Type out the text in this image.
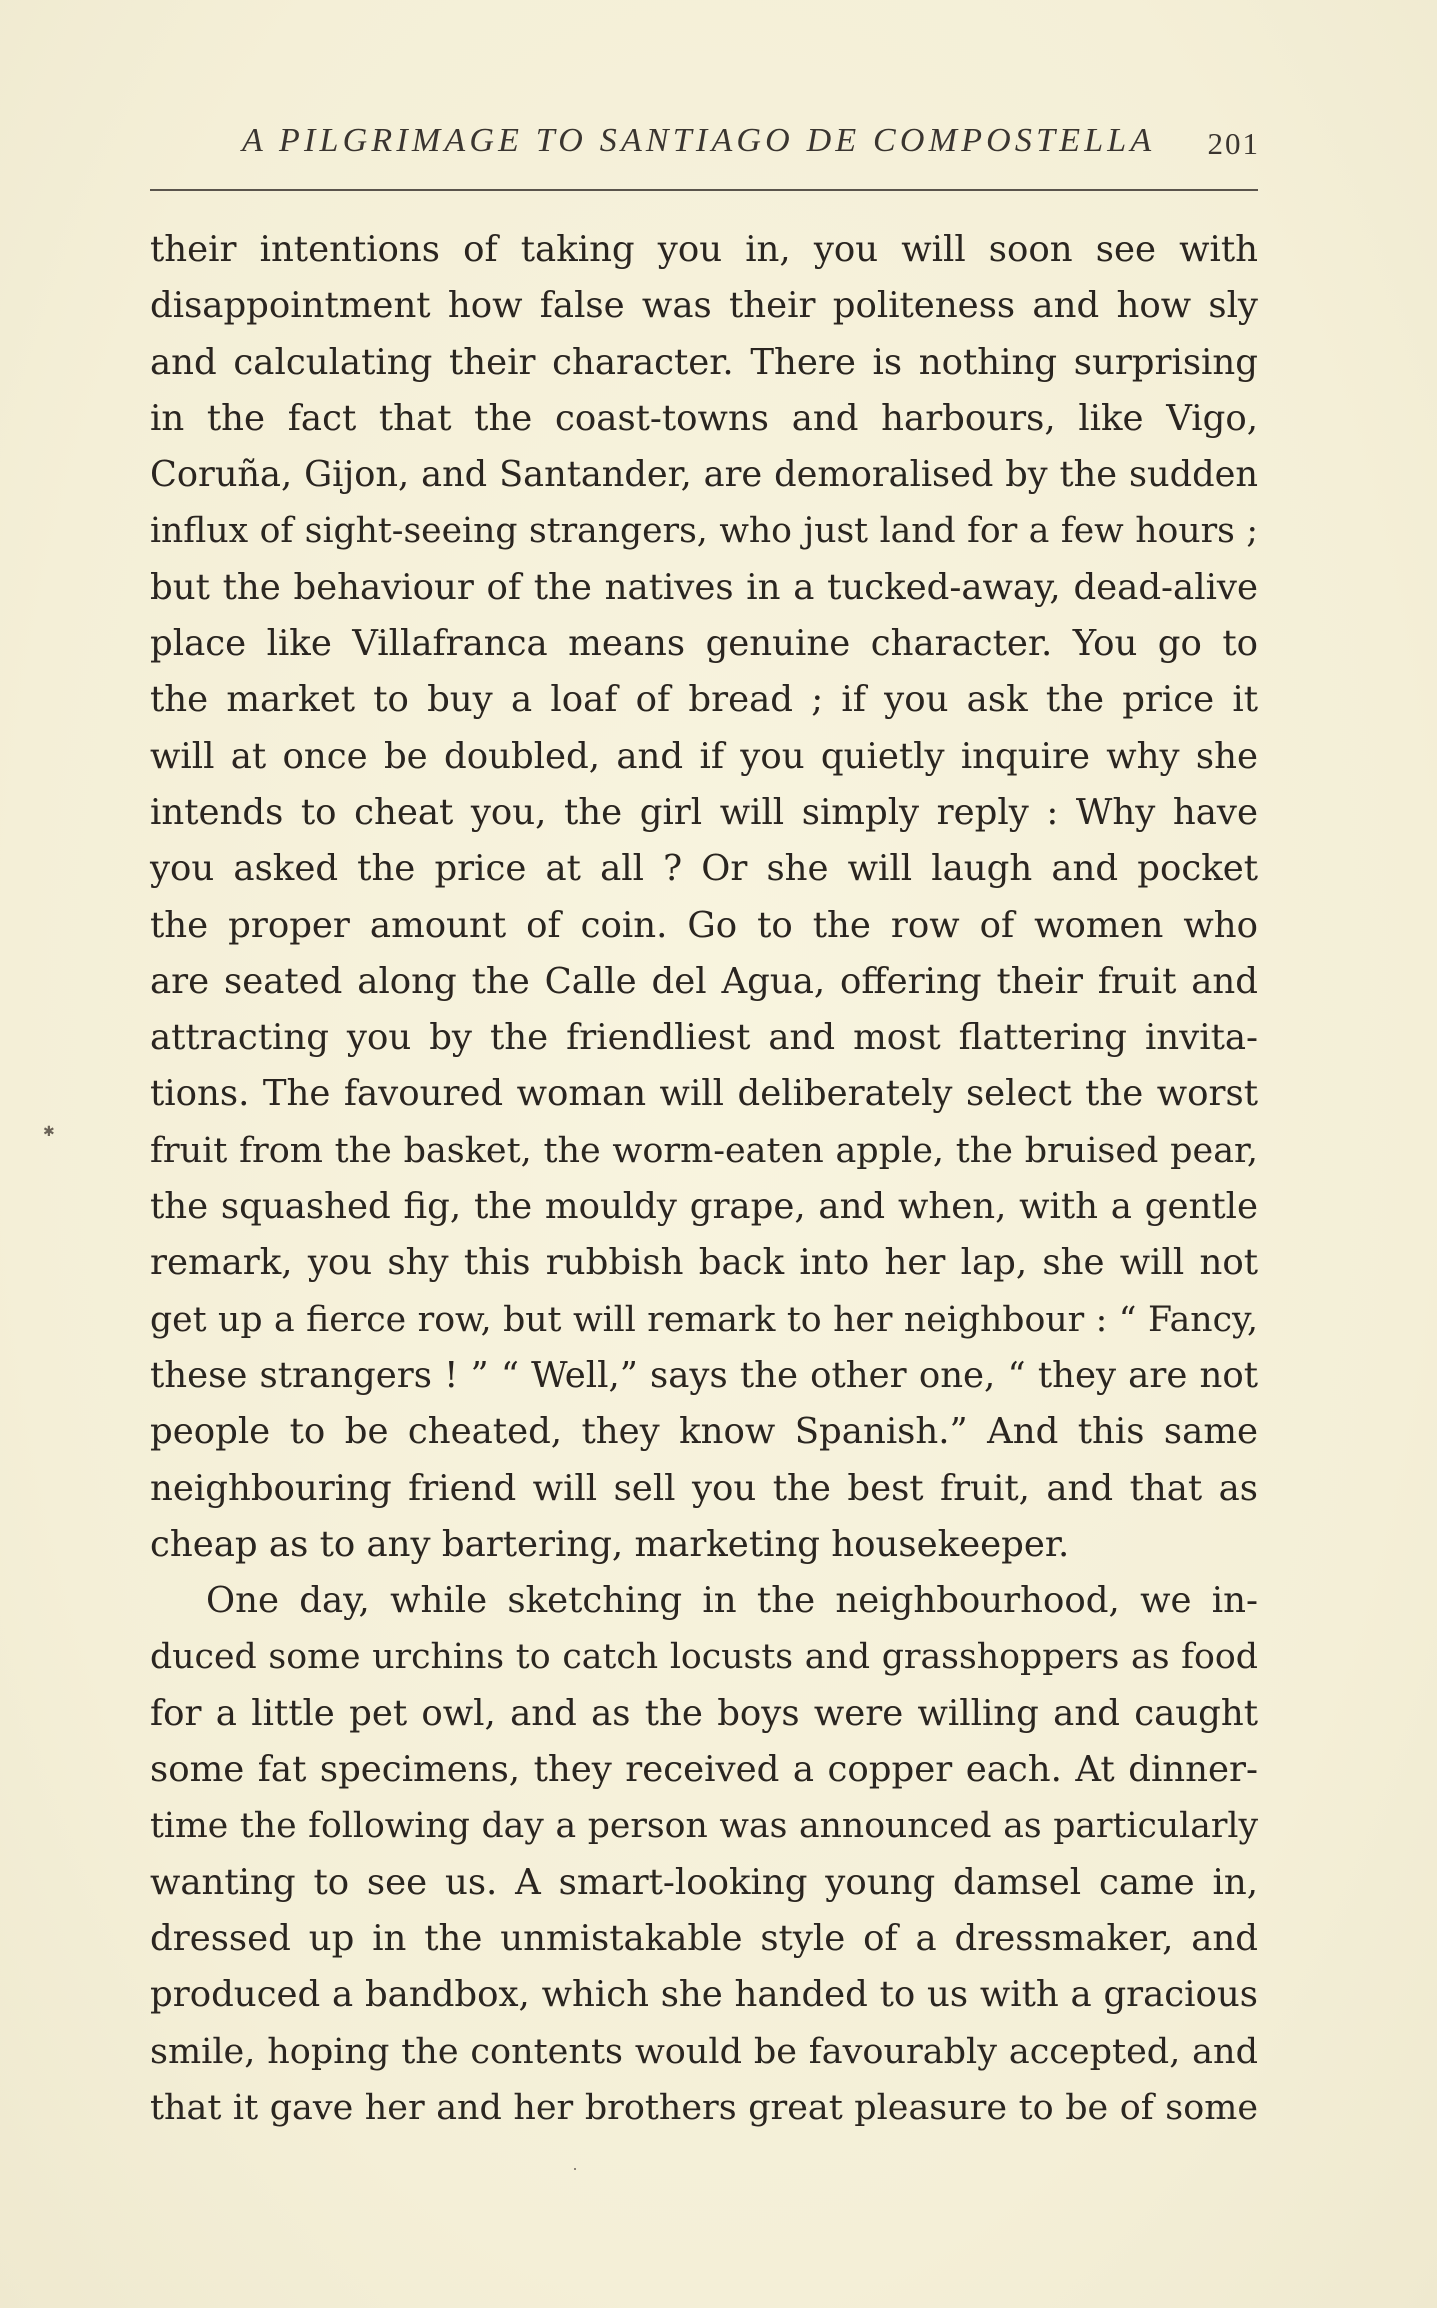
A PILGRIMAGE TO SANTIAGO DE COMPOSTELLA 201
their intentions of taking you in, you will soon see with
disappointment how false was their politeness and how sly
and calculating their character. There is nothing surprising
in the fact that the coast-towns and harbours, like Vigo,
Coruña, Gijon, and Santander, are demoralised by the sudden
influx of sight-seeing strangers, who just land for a few hours ;
but the behaviour of the natives in a tucked-away, dead-alive
place like Villafranca means genuine character. You go to
the market to buy a loaf of bread ; if you ask the price it
will at once be doubled, and if you quietly inquire why she
intends to cheat you, the girl will simply reply : Why have
you asked the price at all ? Or she will laugh and pocket
the proper amount of coin. Go to the row of women who
are seated along the Calle del Agua, offering their fruit and
attracting you by the friendliest and most flattering invita-
tions. The favoured woman will deliberately select the worst
fruit from the basket, the worm-eaten apple, the bruised pear,
the squashed fig, the mouldy grape, and when, with a gentle
remark, you shy this rubbish back into her lap, she will not
get up a fierce row, but will remark to her neighbour : “ Fancy,
these strangers ! ” “ Well,” says the other one, “ they are not
people to be cheated, they know Spanish.” And this same
neighbouring friend will sell you the best fruit, and that as
cheap as to any bartering, marketing housekeeper.
One day, while sketching in the neighbourhood, we in-
duced some urchins to catch locusts and grasshoppers as food
for a little pet owl, and as the boys were willing and caught
some fat specimens, they received a copper each. At dinner-
time the following day a person was announced as particularly
wanting to see us. A smart-looking young damsel came in,
dressed up in the unmistakable style of a dressmaker, and
produced a bandbox, which she handed to us with a gracious
smile, hoping the contents would be favourably accepted, and
that it gave her and her brothers great pleasure to be of some
✱
